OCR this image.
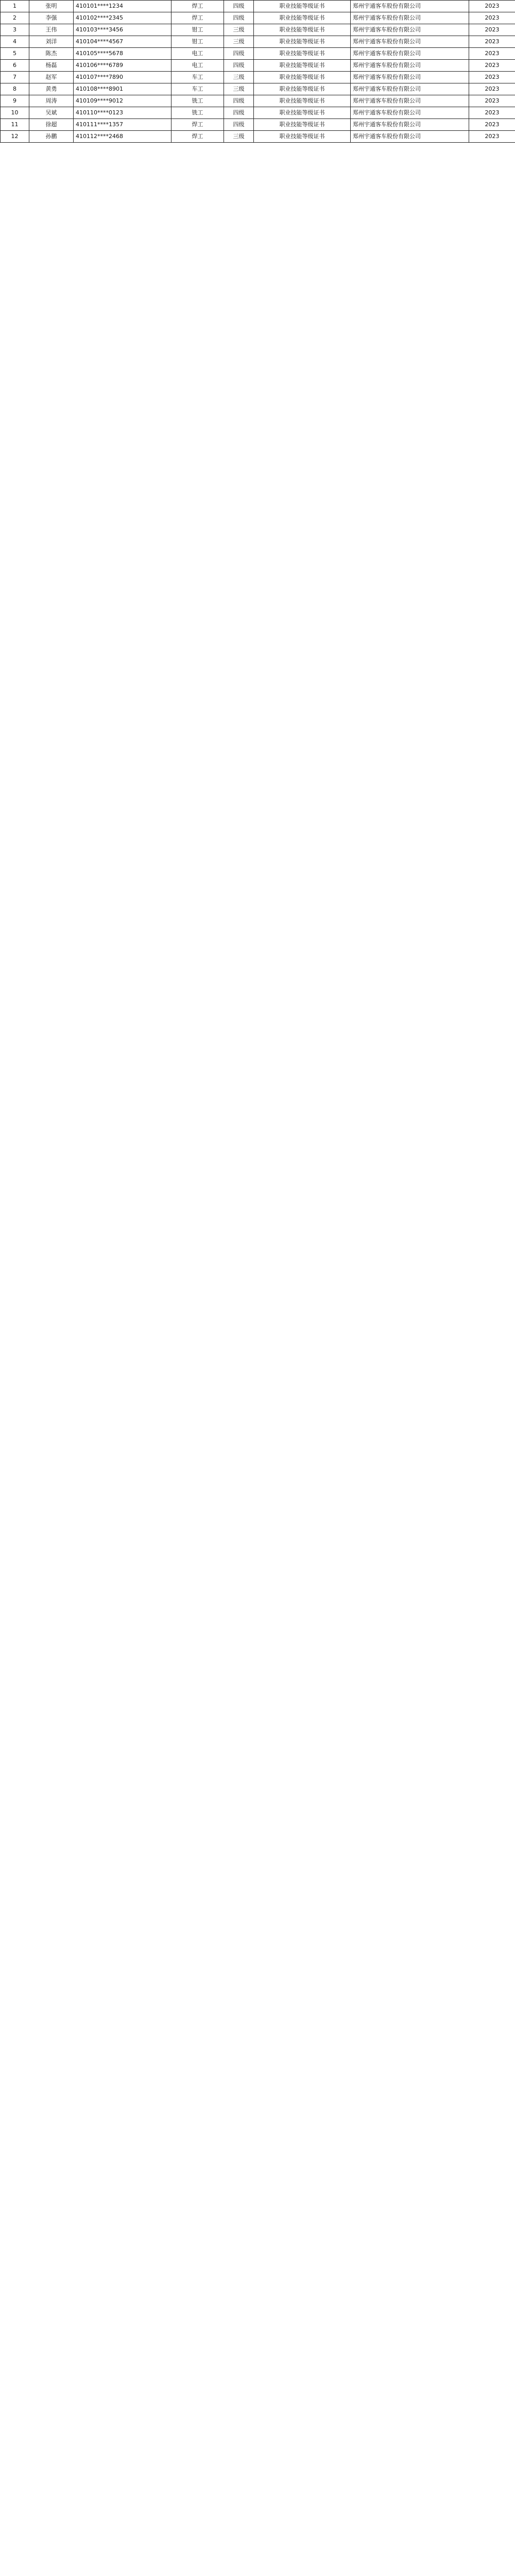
1	张明	410101****1234	焊工	四级	职业技能等级证书	郑州宇通客车股份有限公司	2023
2	李强	410102****2345	焊工	四级	职业技能等级证书	郑州宇通客车股份有限公司	2023
3	王伟	410103****3456	钳工	三级	职业技能等级证书	郑州宇通客车股份有限公司	2023
4	刘洋	410104****4567	钳工	三级	职业技能等级证书	郑州宇通客车股份有限公司	2023
5	陈杰	410105****5678	电工	四级	职业技能等级证书	郑州宇通客车股份有限公司	2023
6	杨磊	410106****6789	电工	四级	职业技能等级证书	郑州宇通客车股份有限公司	2023
7	赵军	410107****7890	车工	三级	职业技能等级证书	郑州宇通客车股份有限公司	2023
8	黄勇	410108****8901	车工	三级	职业技能等级证书	郑州宇通客车股份有限公司	2023
9	周涛	410109****9012	铣工	四级	职业技能等级证书	郑州宇通客车股份有限公司	2023
10	吴斌	410110****0123	铣工	四级	职业技能等级证书	郑州宇通客车股份有限公司	2023
11	徐超	410111****1357	焊工	四级	职业技能等级证书	郑州宇通客车股份有限公司	2023
12	孙鹏	410112****2468	焊工	三级	职业技能等级证书	郑州宇通客车股份有限公司	2023
